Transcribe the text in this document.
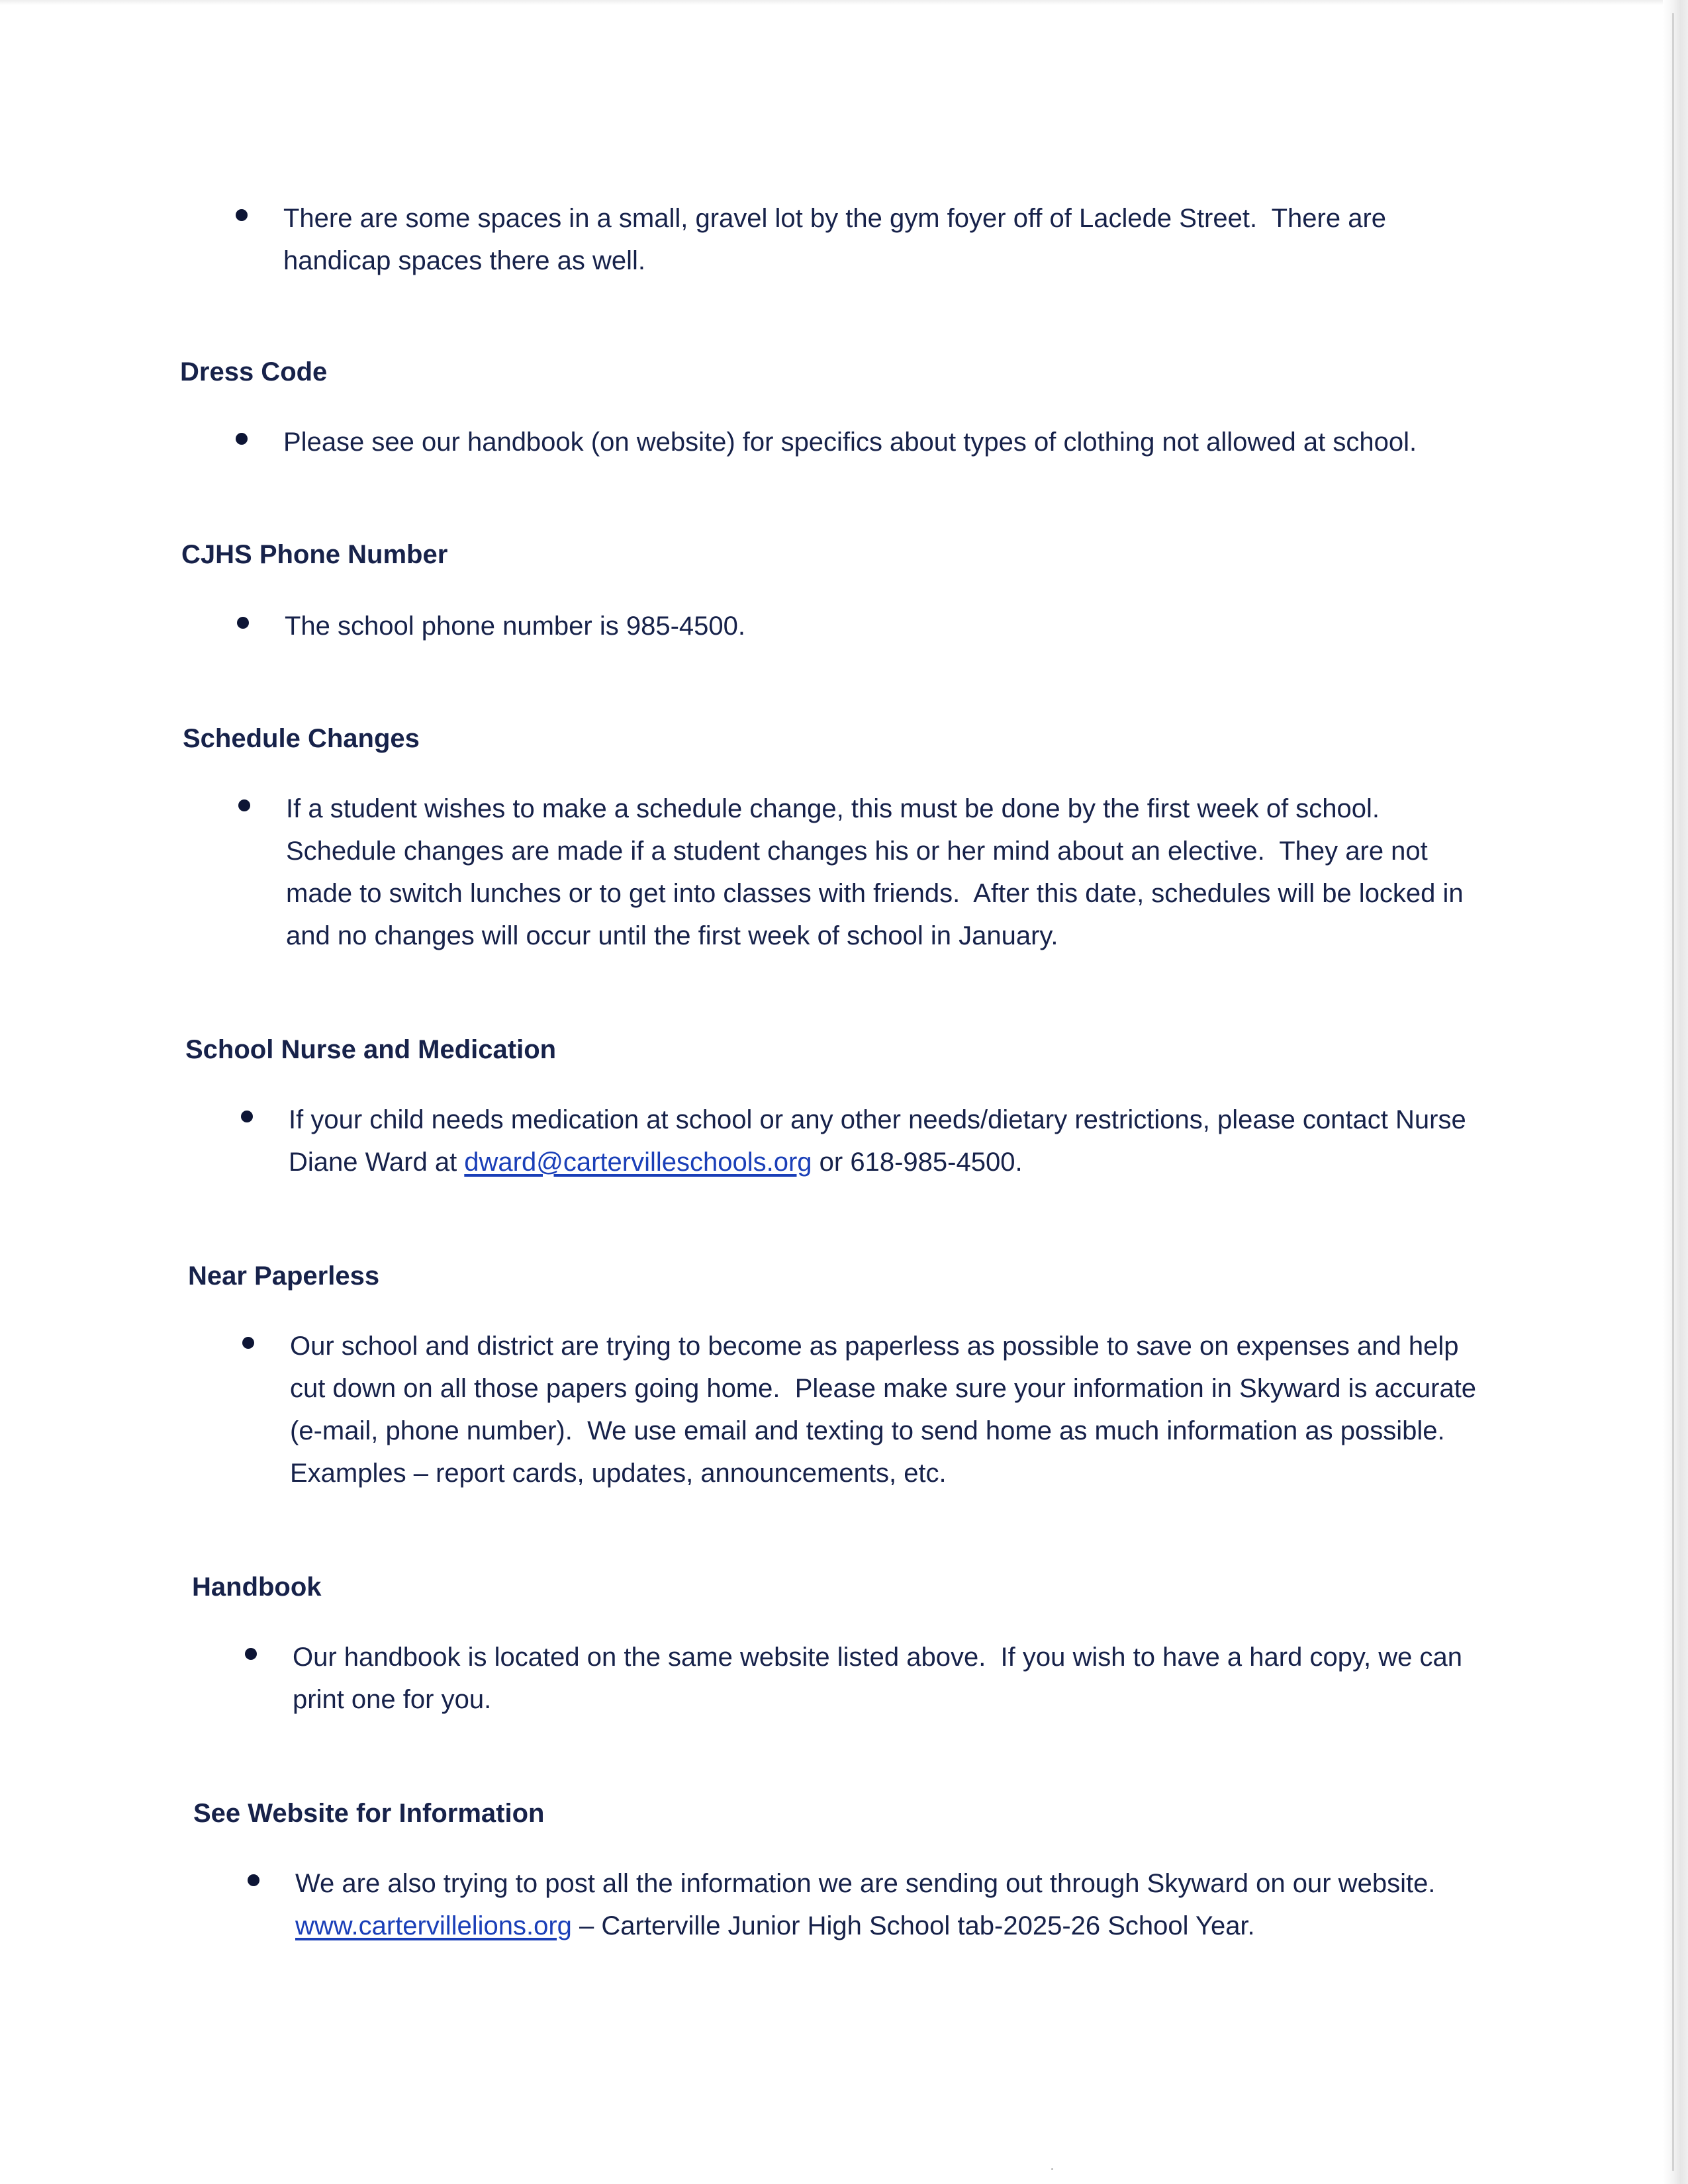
There are some spaces in a small, gravel lot by the gym foyer off of Laclede Street.  There are handicap spaces there as well.
Dress Code
Please see our handbook (on website) for specifics about types of clothing not allowed at school.
CJHS Phone Number
The school phone number is 985-4500.
Schedule Changes
If a student wishes to make a schedule change, this must be done by the first week of school.  Schedule changes are made if a student changes his or her mind about an elective.  They are not made to switch lunches or to get into classes with friends.  After this date, schedules will be locked in and no changes will occur until the first week of school in January.
School Nurse and Medication
If your child needs medication at school or any other needs/dietary restrictions, please contact Nurse Diane Ward at dward@cartervilleschools.org or 618-985-4500.
Near Paperless
Our school and district are trying to become as paperless as possible to save on expenses and help cut down on all those papers going home.  Please make sure your information in Skyward is accurate (e-mail, phone number).  We use email and texting to send home as much information as possible.  Examples – report cards, updates, announcements, etc.
Handbook
Our handbook is located on the same website listed above.  If you wish to have a hard copy, we can print one for you.
See Website for Information
We are also trying to post all the information we are sending out through Skyward on our website.  www.cartervillelions.org – Carterville Junior High School tab-2025-26 School Year.
